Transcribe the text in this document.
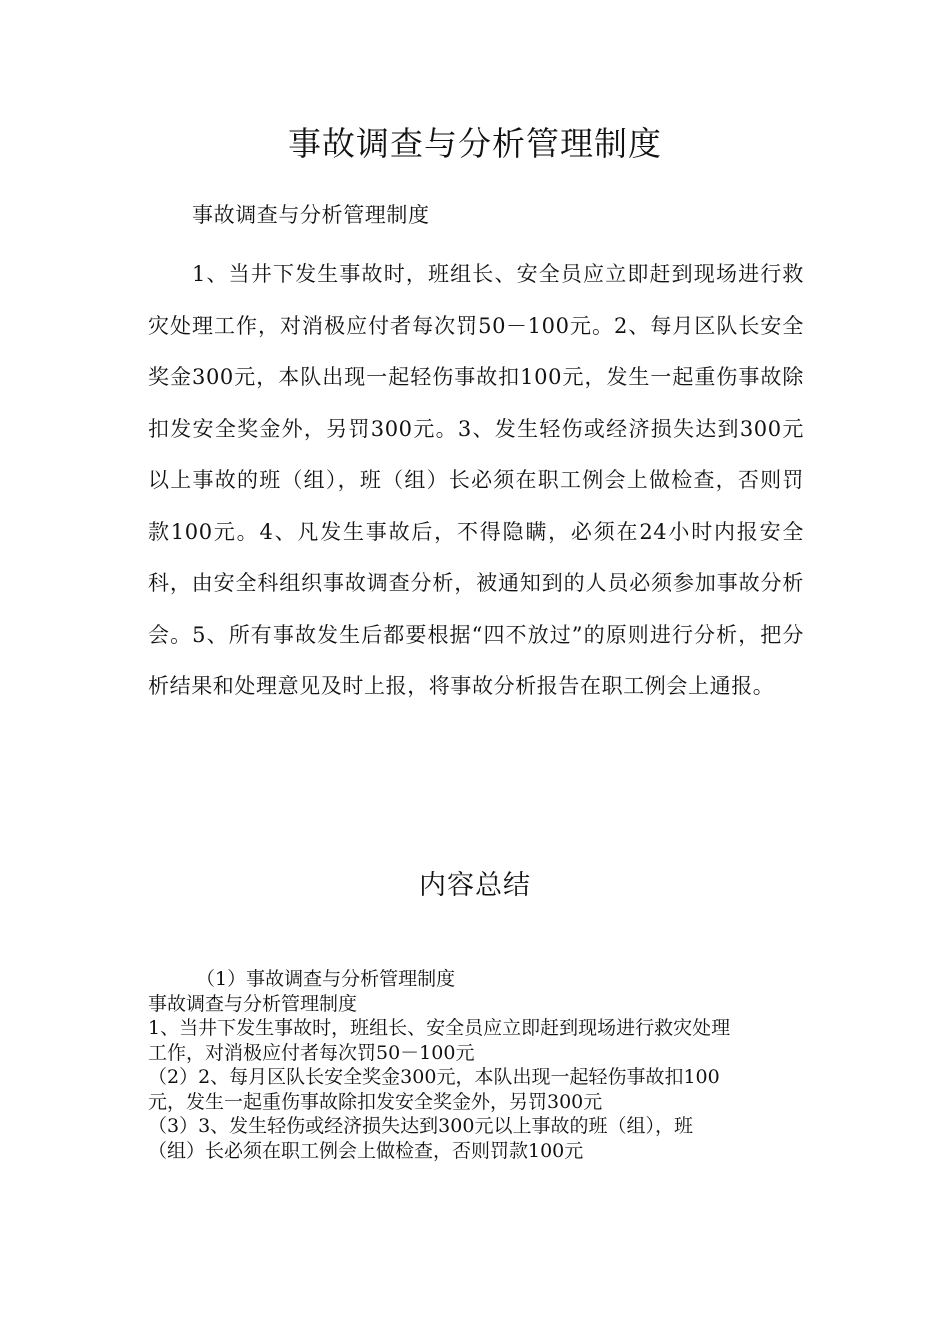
事故调查与分析管理制度

事故调查与分析管理制度

1、当井下发生事故时，班组长、安全员应立即赶到现场进行救灾处理工作，对消极应付者每次罚50－100元。2、每月区队长安全奖金300元，本队出现一起轻伤事故扣100元，发生一起重伤事故除扣发安全奖金外，另罚300元。3、发生轻伤或经济损失达到300元以上事故的班（组），班（组）长必须在职工例会上做检查，否则罚款100元。4、凡发生事故后，不得隐瞒，必须在24小时内报安全科，由安全科组织事故调查分析，被通知到的人员必须参加事故分析会。5、所有事故发生后都要根据“四不放过”的原则进行分析，把分析结果和处理意见及时上报，将事故分析报告在职工例会上通报。

内容总结

（1）事故调查与分析管理制度

事故调查与分析管理制度

1、当井下发生事故时，班组长、安全员应立即赶到现场进行救灾处理

工作，对消极应付者每次罚50－100元

（2）2、每月区队长安全奖金300元，本队出现一起轻伤事故扣100

元，发生一起重伤事故除扣发安全奖金外，另罚300元

（3）3、发生轻伤或经济损失达到300元以上事故的班（组），班

（组）长必须在职工例会上做检查，否则罚款100元
